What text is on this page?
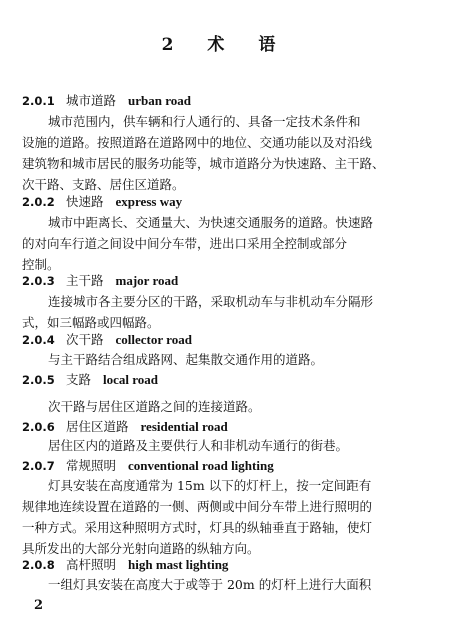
2 术 语
2.0.1 城市道路 urban road
城市范围内，供车辆和行人通行的、具备一定技术条件和
设施的道路。按照道路在道路网中的地位、交通功能以及对沿线
建筑物和城市居民的服务功能等，城市道路分为快速路、主干路、
次干路、支路、居住区道路。
2.0.2 快速路 express way
城市中距离长、交通量大、为快速交通服务的道路。快速路
的对向车行道之间设中间分车带，进出口采用全控制或部分
控制。
2.0.3 主干路 major road
连接城市各主要分区的干路，采取机动车与非机动车分隔形
式，如三幅路或四幅路。
2.0.4 次干路 collector road
与主干路结合组成路网、起集散交通作用的道路。
2.0.5 支路 local road
次干路与居住区道路之间的连接道路。
2.0.6 居住区道路 residential road
居住区内的道路及主要供行人和非机动车通行的街巷。
2.0.7 常规照明 conventional road lighting
灯具安装在高度通常为 15m 以下的灯杆上，按一定间距有
规律地连续设置在道路的一侧、两侧或中间分车带上进行照明的
一种方式。采用这种照明方式时，灯具的纵轴垂直于路轴，使灯
具所发出的大部分光射向道路的纵轴方向。
2.0.8 高杆照明 high mast lighting
一组灯具安装在高度大于或等于 20m 的灯杆上进行大面积
2
